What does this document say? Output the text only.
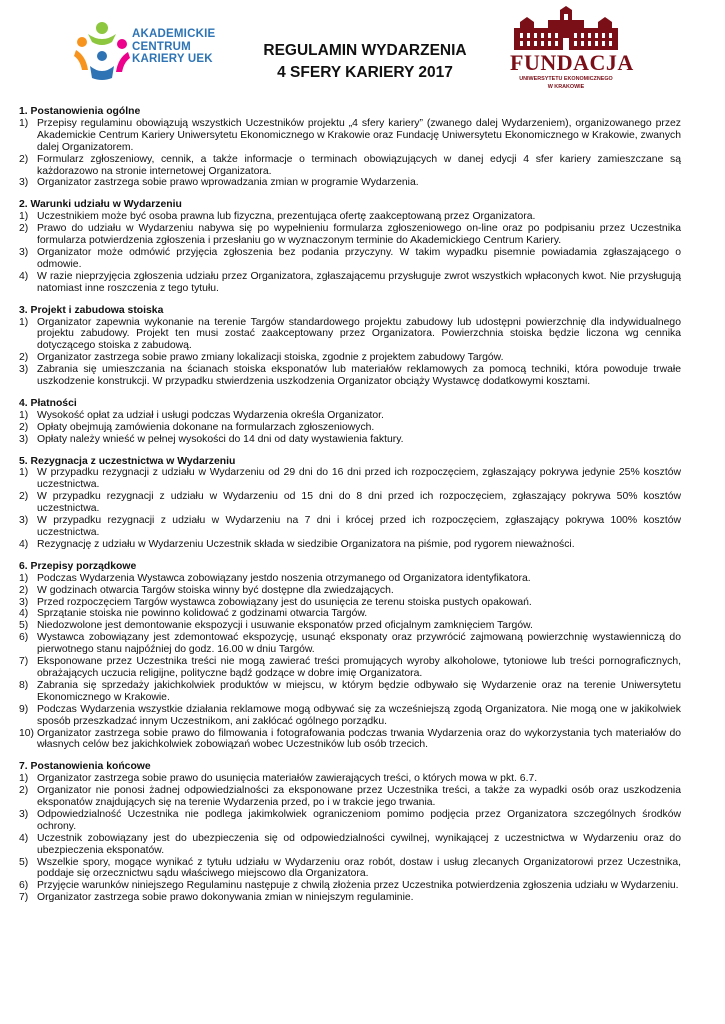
AKADEMICKIE
CENTRUM
KARIERY UEK	REGULAMIN WYDARZENIA
4 SFERY KARIERY 2017	FUNDACJA
UNIWERSYTETU EKONOMICZNEGO
W KRAKOWIE
1. Postanowienia ogólne
1) Przepisy regulaminu obowiązują wszystkich Uczestników projektu „4 sfery kariery” (zwanego dalej Wydarzeniem), organizowanego przez Akademickie Centrum Kariery Uniwersytetu Ekonomicznego w Krakowie oraz Fundację Uniwersytetu Ekonomicznego w Krakowie, zwanych dalej Organizatorem.
2) Formularz zgłoszeniowy, cennik, a także informacje o terminach obowiązujących w danej edycji 4 sfer kariery zamieszczane są każdorazowo na stronie internetowej Organizatora.
3) Organizator zastrzega sobie prawo wprowadzania zmian w programie Wydarzenia.
2. Warunki udziału w Wydarzeniu
1) Uczestnikiem może być osoba prawna lub fizyczna, prezentująca ofertę zaakceptowaną przez Organizatora.
2) Prawo do udziału w Wydarzeniu nabywa się po wypełnieniu formularza zgłoszeniowego on-line oraz po podpisaniu przez Uczestnika formularza potwierdzenia zgłoszenia i przesłaniu go w wyznaczonym terminie do Akademickiego Centrum Kariery.
3) Organizator może odmówić przyjęcia zgłoszenia bez podania przyczyny. W takim wypadku pisemnie powiadamia zgłaszającego o odmowie.
4) W razie nieprzyjęcia zgłoszenia udziału przez Organizatora, zgłaszającemu przysługuje zwrot wszystkich wpłaconych kwot. Nie przysługują natomiast inne roszczenia z tego tytułu.
3. Projekt i zabudowa stoiska
1) Organizator zapewnia wykonanie na terenie Targów standardowego projektu zabudowy lub udostępni powierzchnię dla indywidualnego projektu zabudowy. Projekt ten musi zostać zaakceptowany przez Organizatora. Powierzchnia stoiska będzie liczona wg cennika dotyczącego stoiska z zabudową.
2) Organizator zastrzega sobie prawo zmiany lokalizacji stoiska, zgodnie z projektem zabudowy Targów.
3) Zabrania się umieszczania na ścianach stoiska eksponatów lub materiałów reklamowych za pomocą techniki, która powoduje trwałe uszkodzenie konstrukcji. W przypadku stwierdzenia uszkodzenia Organizator obciąży Wystawcę dodatkowymi kosztami.
4. Płatności
1) Wysokość opłat za udział i usługi podczas Wydarzenia określa Organizator.
2) Opłaty obejmują zamówienia dokonane na formularzach zgłoszeniowych.
3) Opłaty należy wnieść w pełnej wysokości do 14 dni od daty wystawienia faktury.
5. Rezygnacja z uczestnictwa w Wydarzeniu
1) W przypadku rezygnacji z udziału w Wydarzeniu od 29 dni do 16 dni przed ich rozpoczęciem, zgłaszający pokrywa jedynie 25% kosztów uczestnictwa.
2) W przypadku rezygnacji z udziału w Wydarzeniu od 15 dni do 8 dni przed ich rozpoczęciem, zgłaszający pokrywa 50% kosztów uczestnictwa.
3) W przypadku rezygnacji z udziału w Wydarzeniu na 7 dni i krócej przed ich rozpoczęciem, zgłaszający pokrywa 100% kosztów uczestnictwa.
4) Rezygnację z udziału w Wydarzeniu Uczestnik składa w siedzibie Organizatora na piśmie, pod rygorem nieważności.
6. Przepisy porządkowe
1) Podczas Wydarzenia Wystawca zobowiązany jestdo noszenia otrzymanego od Organizatora identyfikatora.
2) W godzinach otwarcia Targów stoiska winny być dostępne dla zwiedzających.
3) Przed rozpoczęciem Targów wystawca zobowiązany jest do usunięcia ze terenu stoiska pustych opakowań.
4) Sprzątanie stoiska nie powinno kolidować z godzinami otwarcia Targów.
5) Niedozwolone jest demontowanie ekspozycji i usuwanie eksponatów przed oficjalnym zamknięciem Targów.
6) Wystawca zobowiązany jest zdemontować ekspozycję, usunąć eksponaty oraz przywrócić zajmowaną powierzchnię wystawienniczą do pierwotnego stanu najpóźniej do godz. 16.00 w dniu Targów.
7) Eksponowane przez Uczestnika treści nie mogą zawierać treści promujących wyroby alkoholowe, tytoniowe lub treści pornograficznych, obrażających uczucia religijne, polityczne bądź godzące w dobre imię Organizatora.
8) Zabrania się sprzedaży jakichkolwiek produktów w miejscu, w którym będzie odbywało się Wydarzenie oraz na terenie Uniwersytetu Ekonomicznego w Krakowie.
9) Podczas Wydarzenia wszystkie działania reklamowe mogą odbywać się za wcześniejszą zgodą Organizatora. Nie mogą one w jakikolwiek sposób przeszkadzać innym Uczestnikom, ani zakłócać ogólnego porządku.
10) Organizator zastrzega sobie prawo do filmowania i fotografowania podczas trwania Wydarzenia oraz do wykorzystania tych materiałów do własnych celów bez jakichkolwiek zobowiązań wobec Uczestników lub osób trzecich.
7. Postanowienia końcowe
1) Organizator zastrzega sobie prawo do usunięcia materiałów zawierających treści, o których mowa w pkt. 6.7.
2) Organizator nie ponosi żadnej odpowiedzialności za eksponowane przez Uczestnika treści, a także za wypadki osób oraz uszkodzenia eksponatów znajdujących się na terenie Wydarzenia przed, po i w trakcie jego trwania.
3) Odpowiedzialność Uczestnika nie podlega jakimkolwiek ograniczeniom pomimo podjęcia przez Organizatora szczególnych środków ochrony.
4) Uczestnik zobowiązany jest do ubezpieczenia się od odpowiedzialności cywilnej, wynikającej z uczestnictwa w Wydarzeniu oraz do ubezpieczenia eksponatów.
5) Wszelkie spory, mogące wynikać z tytułu udziału w Wydarzeniu oraz robót, dostaw i usług zlecanych Organizatorowi przez Uczestnika, poddaje się orzecznictwu sądu właściwego miejscowo dla Organizatora.
6) Przyjęcie warunków niniejszego Regulaminu następuje z chwilą złożenia przez Uczestnika potwierdzenia zgłoszenia udziału w Wydarzeniu.
7) Organizator zastrzega sobie prawo dokonywania zmian w niniejszym regulaminie.
